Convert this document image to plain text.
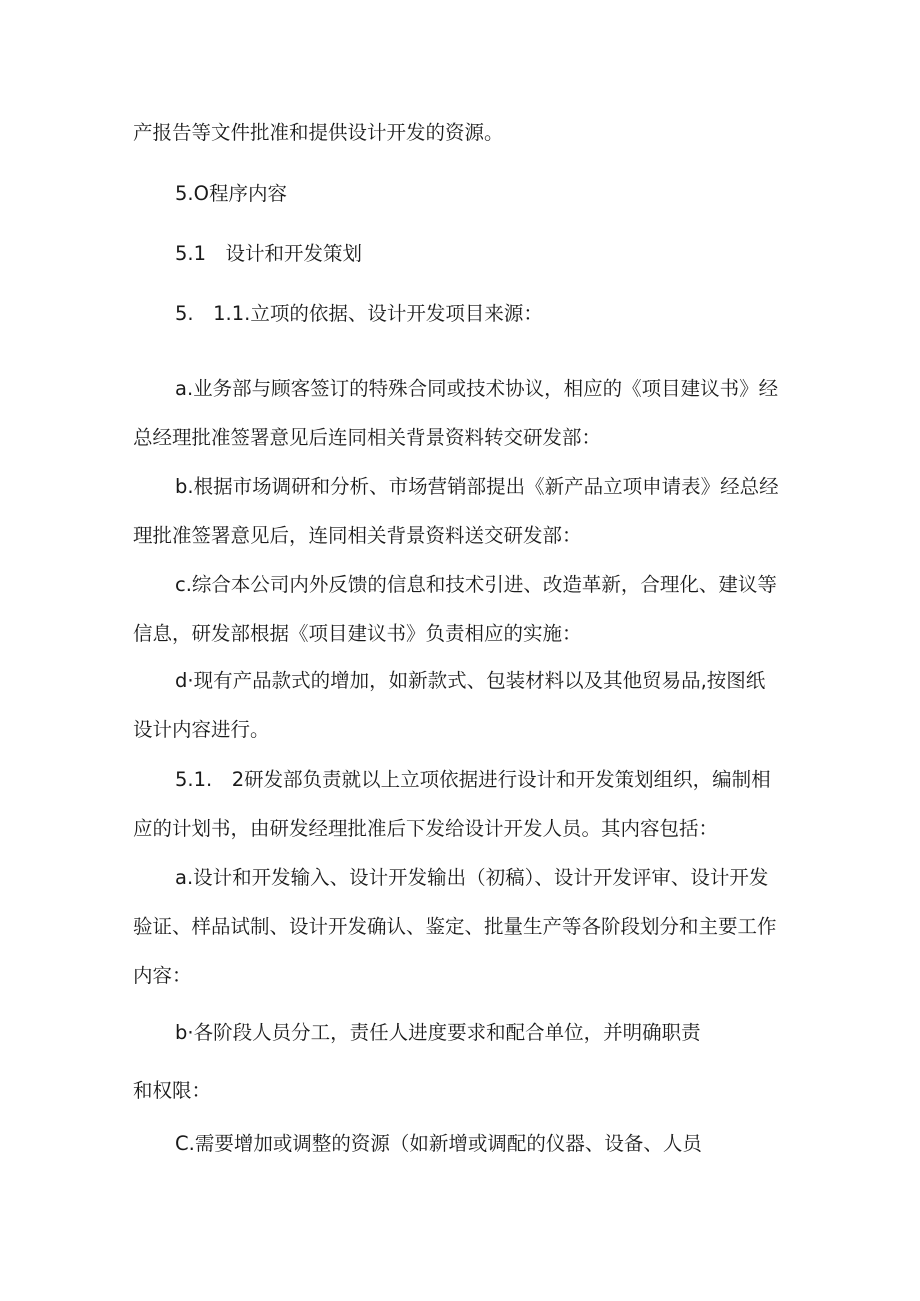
产报告等文件批准和提供设计开发的资源。

5.O程序内容

5.1　设计和开发策划

5.　1.1.立项的依据、设计开发项目来源：

a.业务部与顾客签订的特殊合同或技术协议，相应的《项目建议书》经

总经理批准签署意见后连同相关背景资料转交研发部：

b.根据市场调研和分析、市场营销部提出《新产品立项申请表》经总经

理批准签署意见后，连同相关背景资料送交研发部：

c.综合本公司内外反馈的信息和技术引进、改造革新，合理化、建议等

信息，研发部根据《项目建议书》负责相应的实施：

d·现有产品款式的增加，如新款式、包装材料以及其他贸易品,按图纸

设计内容进行。

5.1.　2研发部负责就以上立项依据进行设计和开发策划组织，编制相

应的计划书，由研发经理批准后下发给设计开发人员。其内容包括：

a.设计和开发输入、设计开发输出（初稿）、设计开发评审、设计开发

验证、样品试制、设计开发确认、鉴定、批量生产等各阶段划分和主要工作

内容：

b·各阶段人员分工，责任人进度要求和配合单位，并明确职责

和权限：

C.需要增加或调整的资源（如新增或调配的仪器、设备、人员
